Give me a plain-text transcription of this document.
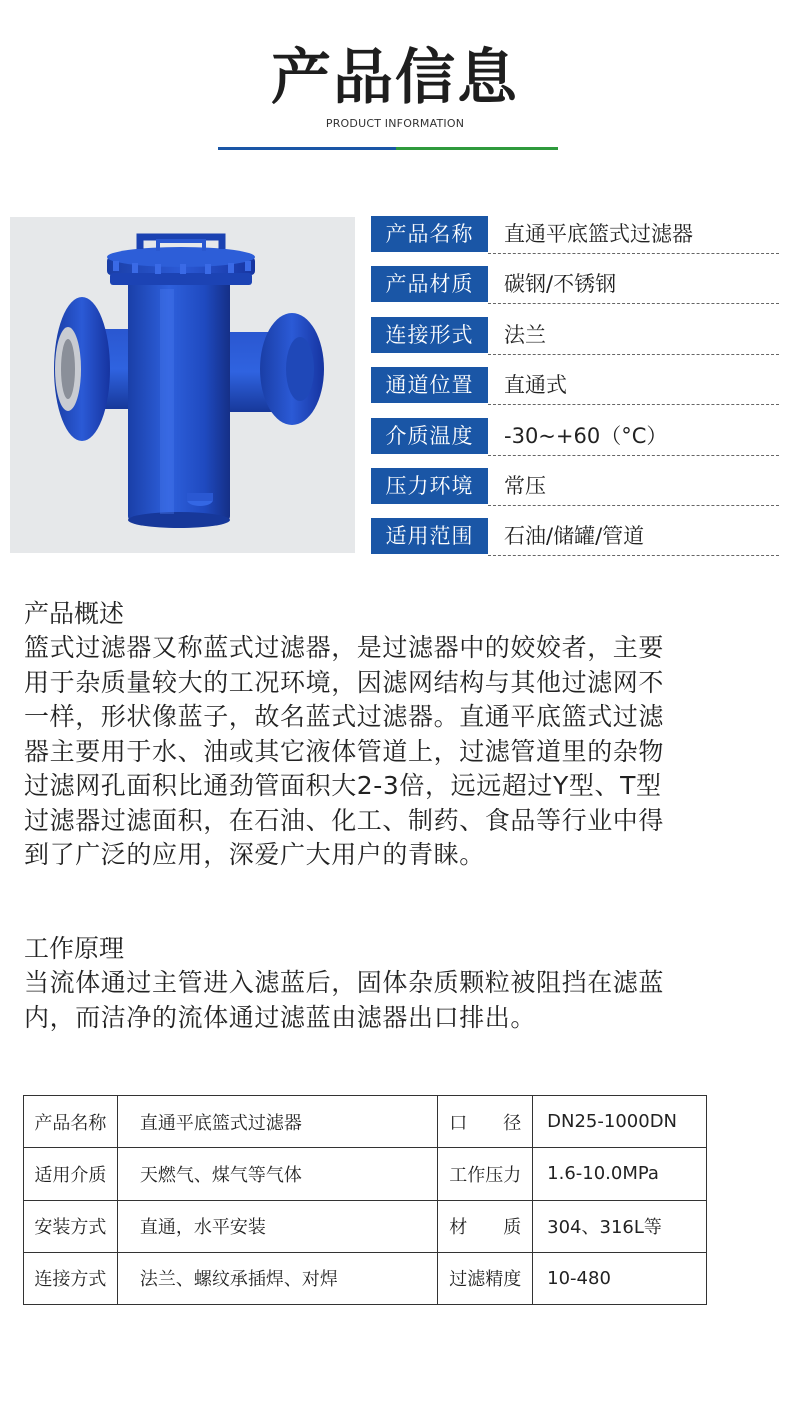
产品信息
PRODUCT INFORMATION
产品名称	直通平底篮式过滤器
产品材质	碳钢/不锈钢
连接形式	法兰
通道位置	直通式
介质温度	-30~+60（°C）
压力环境	常压
适用范围	石油/储罐/管道
产品概述

篮式过滤器又称蓝式过滤器，是过滤器中的姣姣者，主要

用于杂质量较大的工况环境，因滤网结构与其他过滤网不

一样，形状像蓝子，故名蓝式过滤器。直通平底篮式过滤

器主要用于水、油或其它液体管道上，过滤管道里的杂物

过滤网孔面积比通劲管面积大2-3倍，远远超过Y型、T型

过滤器过滤面积，在石油、化工、制药、食品等行业中得

到了广泛的应用，深爱广大用户的青睐。

工作原理

当流体通过主管进入滤蓝后，固体杂质颗粒被阻挡在滤蓝

内，而洁净的流体通过滤蓝由滤器出口排出。

产品名称	直通平底篮式过滤器	口　　径	DN25-1000DN
适用介质	天燃气、煤气等气体	工作压力	1.6-10.0MPa
安装方式	直通，水平安装	材　　质	304、316L等
连接方式	法兰、螺纹承插焊、对焊	过滤精度	10-480
